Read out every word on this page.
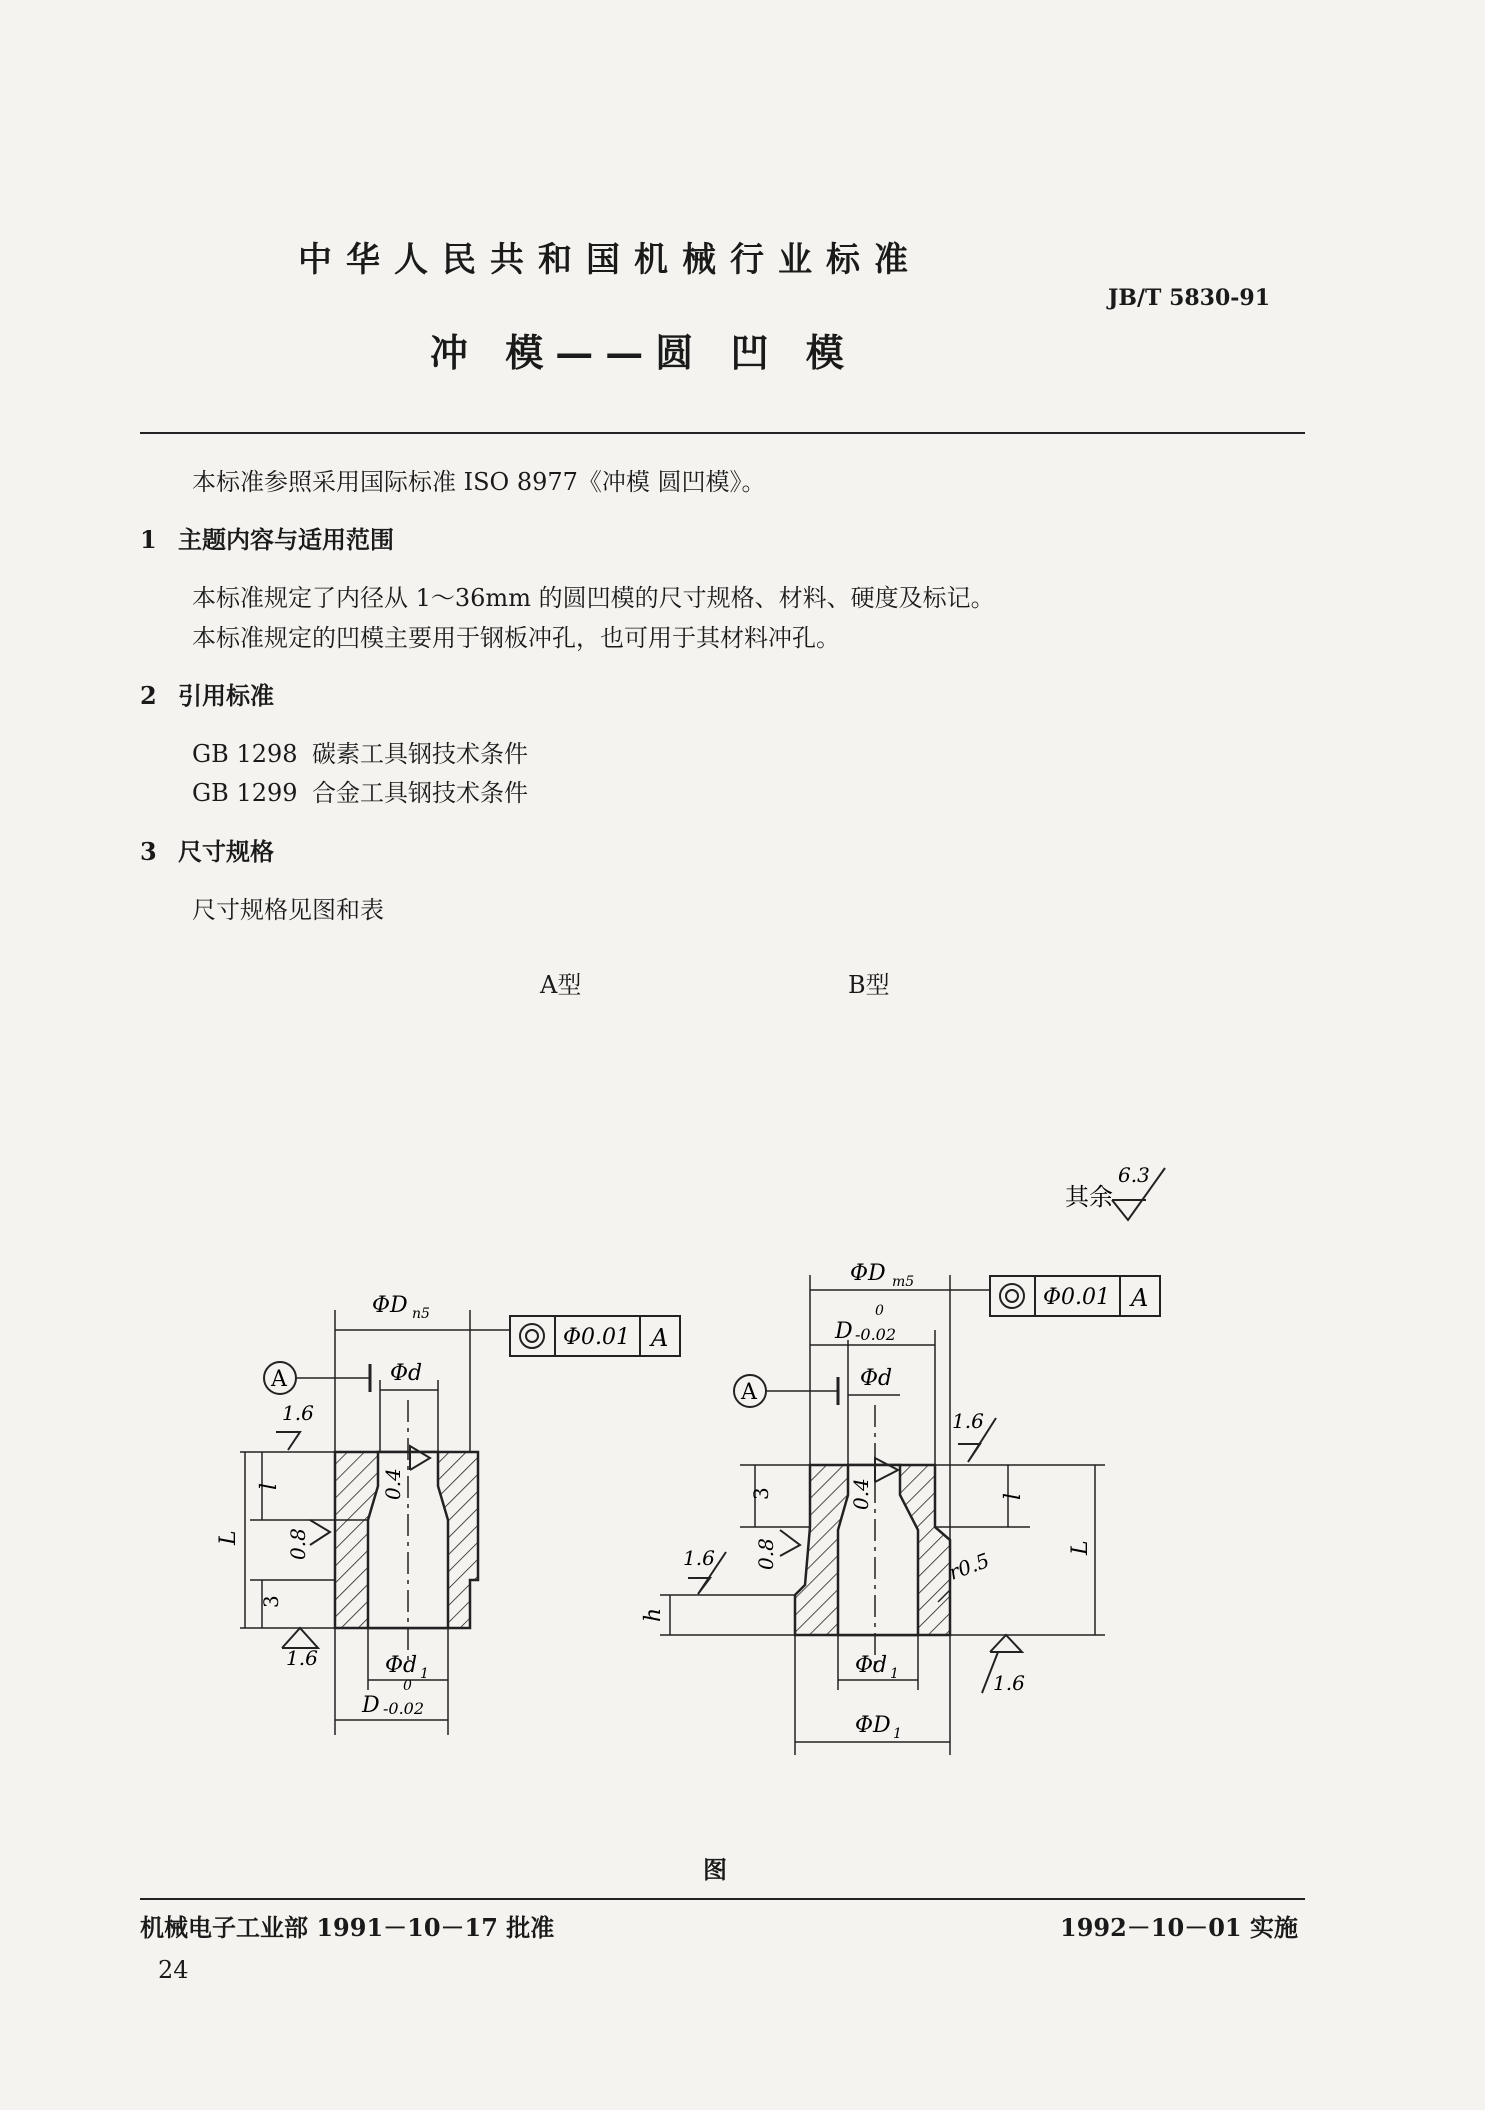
中华人民共和国机械行业标准
JB/T 5830-91
冲 模——圆 凹 模
本标准参照采用国际标准 ISO 8977《冲模 圆凹模》。
1 主题内容与适用范围
本标准规定了内径从 1～36mm 的圆凹模的尺寸规格、材料、硬度及标记。
本标准规定的凹模主要用于钢板冲孔，也可用于其材料冲孔。
2 引用标准
GB 1298 碳素工具钢技术条件
GB 1299 合金工具钢技术条件
3 尺寸规格
尺寸规格见图和表
A型	B型
其余
6.3
ΦD n5
Φd
A
1.6
1.6
0.4
0.8
L
l
3
Φd 1
D
0
-0.02
Φ0.01 A
ΦD m5
D
0
-0.02
Φd
A
1.6
1.6
1.6
0.4
0.8	r0.5
3	l
L
h
Φd 1
ΦD 1
Φ0.01 A
图
机械电子工业部 1991－10－17 批准	1992－10－01 实施
24
